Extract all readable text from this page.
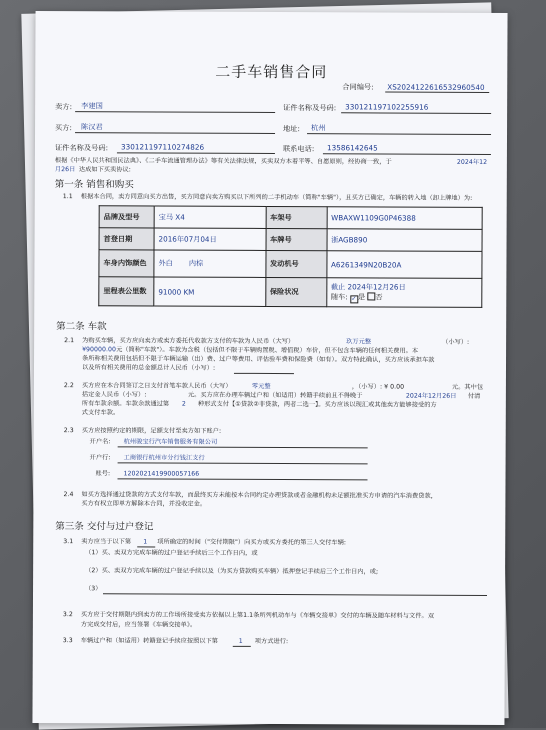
二手车销售合同
合同编号: XS2024122616532960540
卖方: 李建国	证件名称及号码: 330121197102255916
买方: 陈汉君	地址: 杭州
证件名称及号码: 330121197110274826	联系电话: 13586142645
根据《中华人民共和国民法典》、《二手车流通管理办法》等有关法律法规，买卖双方本着平等、自愿原则，经协商一致，于	2024年12
月26日 达成如下买卖协议:
第一条 销售和购买
1.1 根据本合同，卖方同意向买方出售，买方同意向卖方购买以下所列的二手机动车（简称"车辆"），且买方已确定，车辆的转入地（卸上牌地）为:
品牌及型号	宝马 X4	车架号	WBAXW1109G0P46388
首登日期	2016年07月04日	车牌号	浙AGB890
车身内饰颜色	外白 内棕	发动机号	A6261349N20B20A
里程表公里数	91000 KM	保险状况	截止 2024年12月26日
随车: ✓是 否
第二条 车款
2.1 为购买车辆，买方应向卖方或卖方委托代收款方支付的车款为人民币（大写）	玖万元整	（小写）:
¥90000.00 元（简称"车款"）。车款为含税（包括但不限于车辆购置税、增值税）车价，但不包含车辆的任何相关费用。本
条所称相关费用包括但不限于车辆运输（出）费、过户等费用、评估验车费和保险费（如有）。双方特此确认，买方应该承担车款
以及所有相关费用的总金额总计人民币（小写）:
2.2 买方应在本合同签订之日支付首笔车款人民币（大写）	零元整	，（小写）: ¥ 0.00	元。其中包
括定金人民币（小写）:	元。买方应在办理车辆过户和（如适用）转籍手续前且不得晚于	2024年12月26日 付清
所有车款余额。车款余款通过第 2 种形式支付【①贷款②非贷款，两者二选一】。买方应该以现汇或其他卖方能够接受的方
式支付车款。
2.3 买方应按照约定的期限，足额支付至卖方如下账户:
开户名: 杭州骏宝行汽车销售服务有限公司
开户行: 工商银行杭州市分行钱江支行
账号: 1202021419900057166
2.4 如买方选择通过贷款的方式支付车款，而最终买方未能按本合同约定办理贷款或者金融机构未足额批准买方申请的汽车消费贷款，
买方有权立即单方解除本合同，并没收定金。
第三条 交付与过户登记
3.1 卖方应当于以下第 1 项所确定的时间（"交付期限"）向买方或买方委托的第三人交付车辆:
（1）买、卖双方完成车辆的过户登记手续后三个工作日内，或
（2）买、卖双方完成车辆的过户登记手续以及（为买方贷款购买车辆）抵押登记手续后三个工作日内，或;
（3）
3.2 买方应于交付期限内到卖方的工作场所接受卖方依据以上第1.1条所列机动车与《车辆交接单》交付的车辆及随车材料与文件。双
方完成交付后，应当签署《车辆交接单》。
3.3 车辆过户和（如适用）转籍登记手续应按照以下第	1 项方式进行:
